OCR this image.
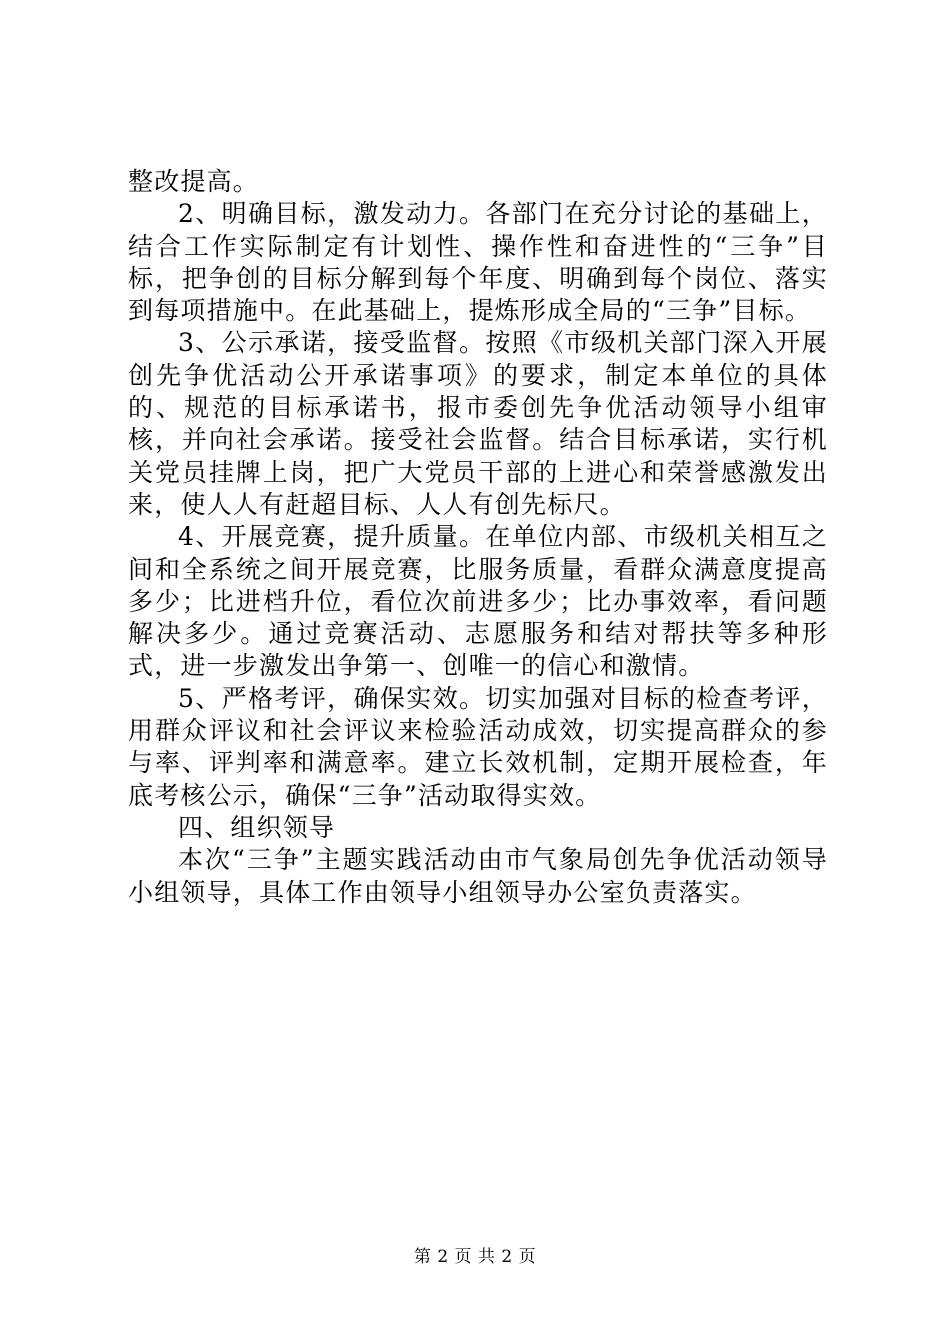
整改提高。

2、明确目标，激发动力。各部门在充分讨论的基础上，结合工作实际制定有计划性、操作性和奋进性的“三争”目标，把争创的目标分解到每个年度、明确到每个岗位、落实到每项措施中。在此基础上，提炼形成全局的“三争”目标。

3、公示承诺，接受监督。按照《市级机关部门深入开展创先争优活动公开承诺事项》的要求，制定本单位的具体的、规范的目标承诺书，报市委创先争优活动领导小组审核，并向社会承诺。接受社会监督。结合目标承诺，实行机关党员挂牌上岗，把广大党员干部的上进心和荣誉感激发出来，使人人有赶超目标、人人有创先标尺。

4、开展竞赛，提升质量。在单位内部、市级机关相互之间和全系统之间开展竞赛，比服务质量，看群众满意度提高多少；比进档升位，看位次前进多少；比办事效率，看问题解决多少。通过竞赛活动、志愿服务和结对帮扶等多种形式，进一步激发出争第一、创唯一的信心和激情。

5、严格考评，确保实效。切实加强对目标的检查考评，用群众评议和社会评议来检验活动成效，切实提高群众的参与率、评判率和满意率。建立长效机制，定期开展检查，年底考核公示，确保“三争”活动取得实效。

四、组织领导

本次“三争”主题实践活动由市气象局创先争优活动领导小组领导，具体工作由领导小组领导办公室负责落实。

第 2 页 共 2 页
